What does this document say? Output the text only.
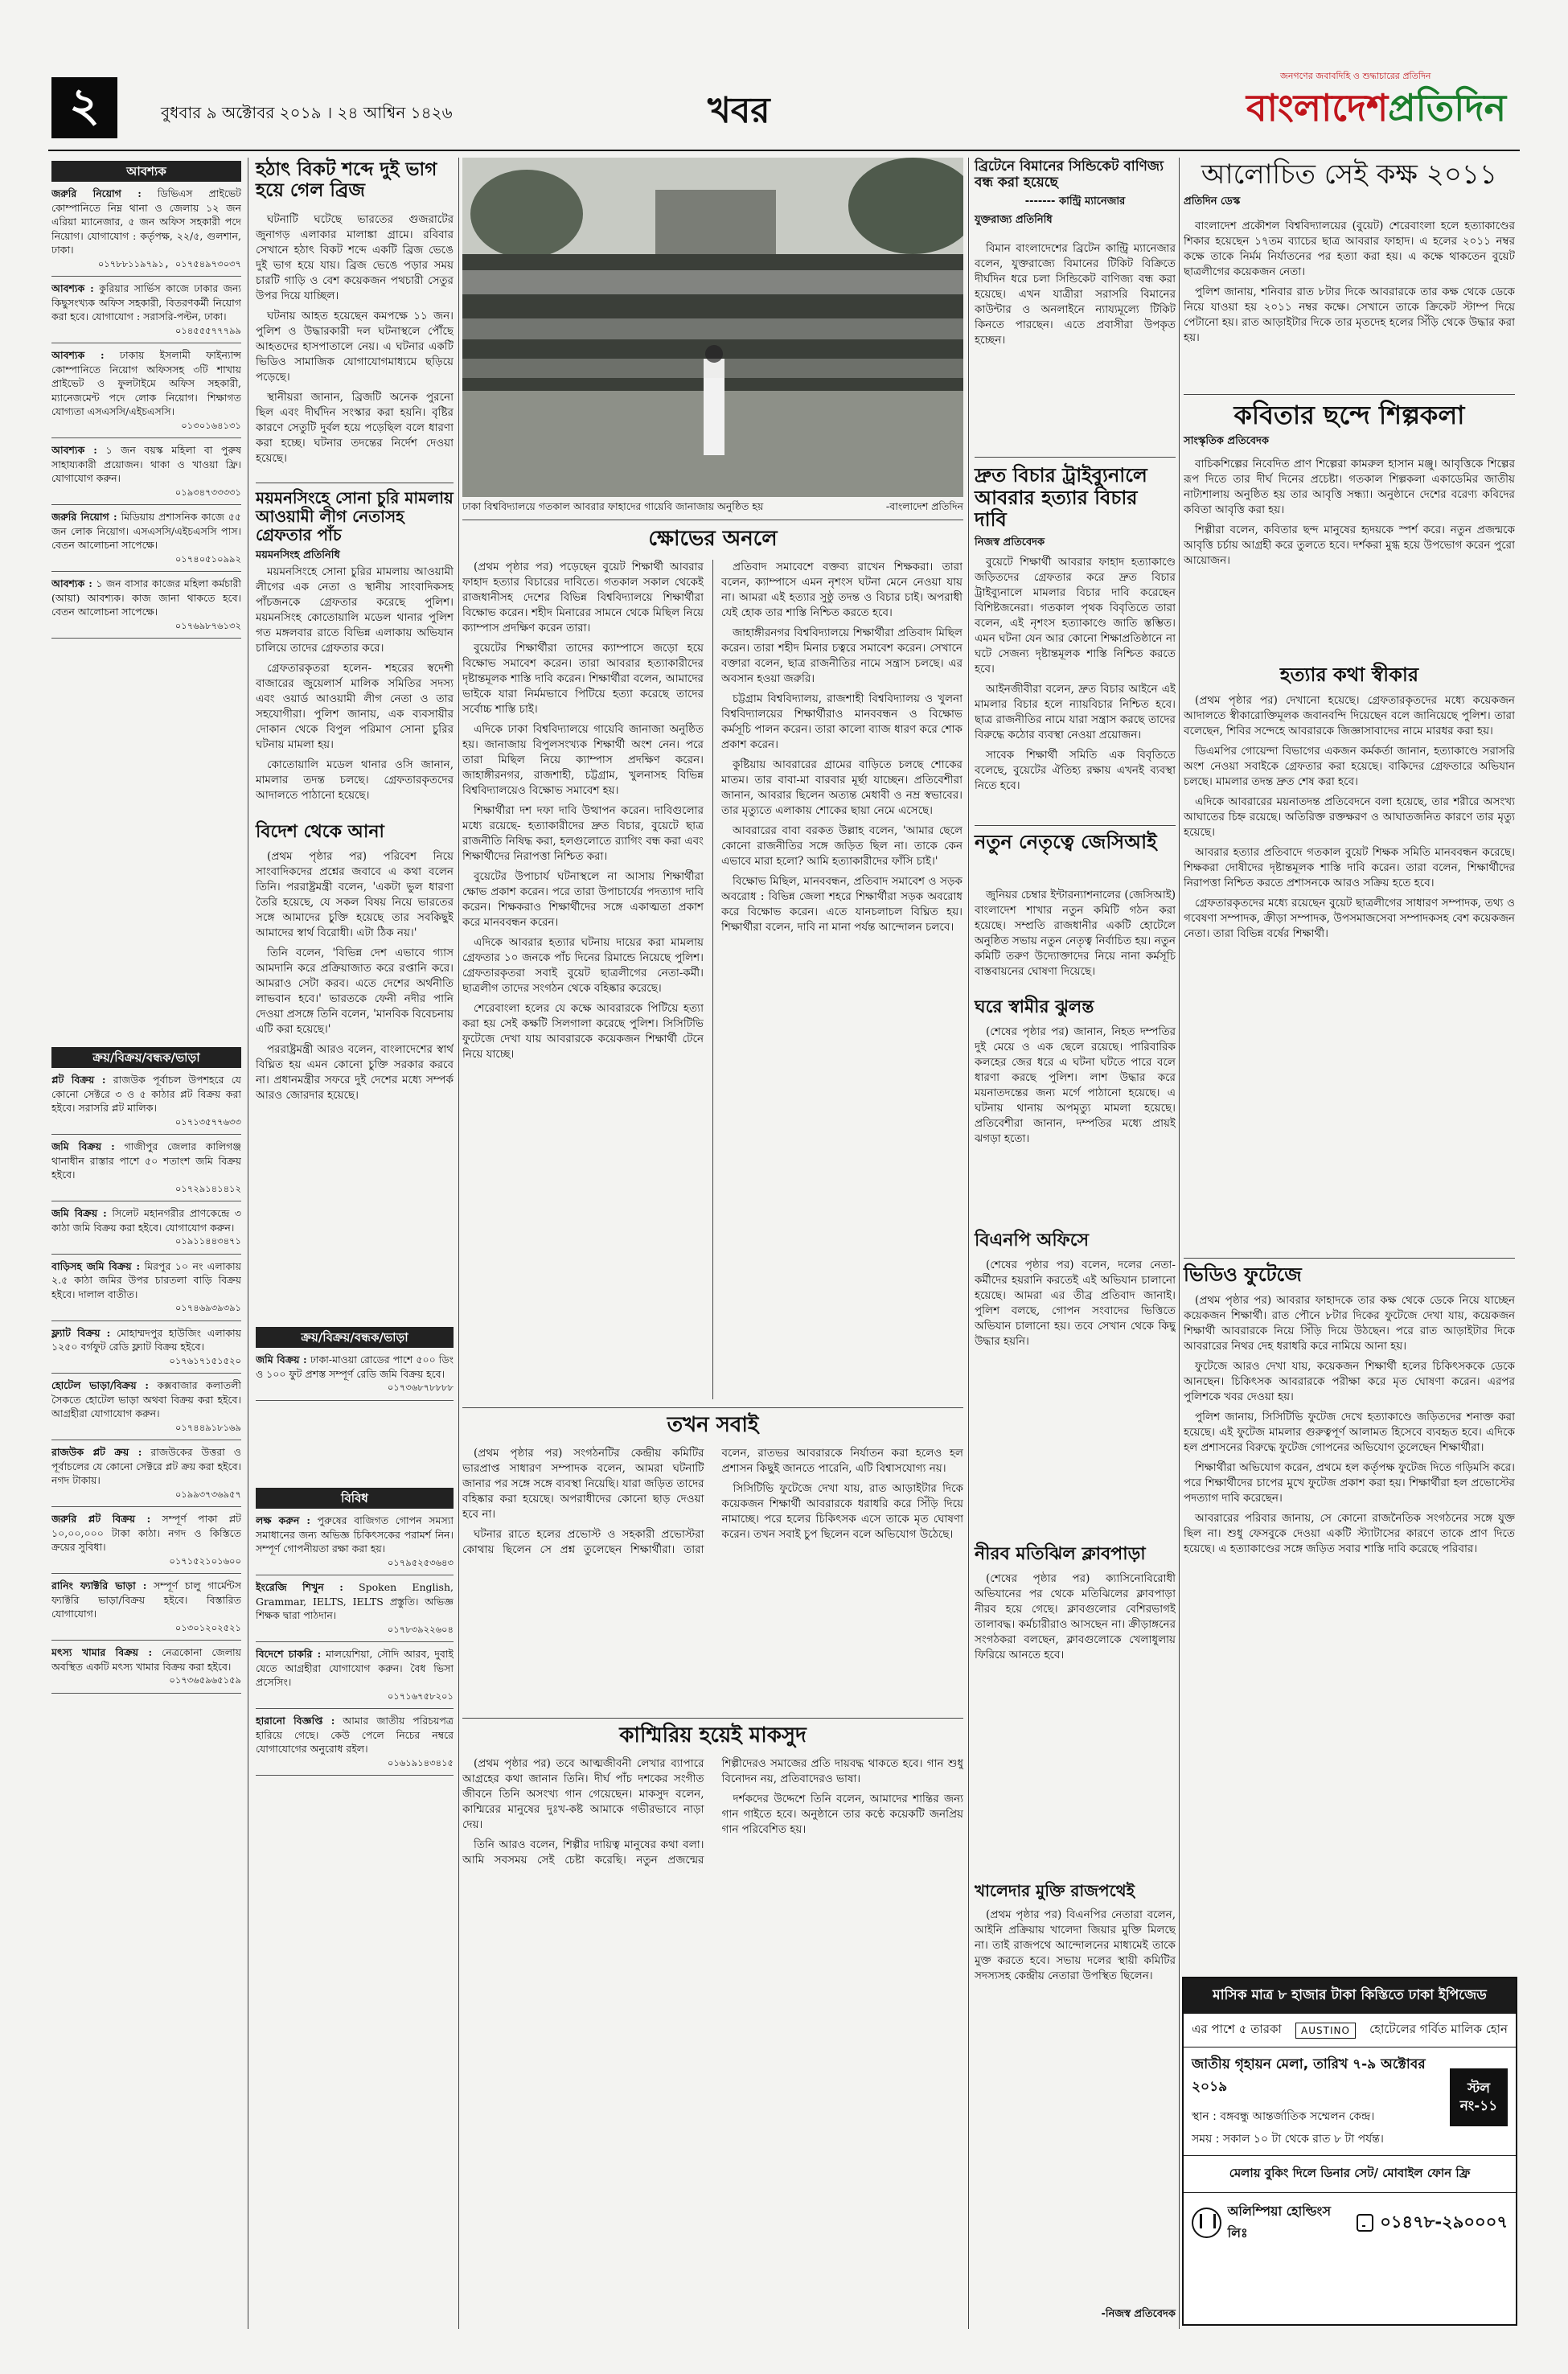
২	বুধবার ৯ অক্টোবর ২০১৯ । ২৪ আশ্বিন ১৪২৬	খবর
জনগণের জবাবদিহি ও শুদ্ধাচারের প্রতিদিন
বাংলাদেশপ্রতিদিন
আবশ্যক
জরুরি নিয়োগ : ডিভিএস প্রাইভেট কোম্পানিতে নিম্ন থানা ও জেলায় ১২ জন এরিয়া ম্যানেজার, ৫ জন অফিস সহকারী পদে নিয়োগ। যোগাযোগ : কর্তৃপক্ষ, ২২/৫, গুলশান, ঢাকা।
০১৭৮৮১১৯৭৯১, ০১৭৫৪৯৭৩০৩৭
আবশ্যক : কুরিয়ার সার্ভিস কাজে ঢাকার জন্য কিছুসংখ্যক অফিস সহকারী, বিতরণকর্মী নিয়োগ করা হবে। যোগাযোগ : সরাসরি-পল্টন, ঢাকা।
০১৪৫৫৫৭৭৭৯৯
আবশ্যক : ঢাকায় ইসলামী ফাইন্যান্স কোম্পানিতে নিয়োগ অফিসসহ ৩টি শাখায় প্রাইভেট ও ফুলটাইমে অফিস সহকারী, ম্যানেজমেন্ট পদে লোক নিয়োগ। শিক্ষাগত যোগ্যতা এসএসসি/এইচএসসি।
০১৩০১৬৪১৩১
আবশ্যক : ১ জন বয়স্ক মহিলা বা পুরুষ সাহায্যকারী প্রয়োজন। থাকা ও খাওয়া ফ্রি। যোগাযোগ করুন।
০১৯৩৪৭৩৩৩৩১
জরুরি নিয়োগ : মিডিয়ায় প্রশাসনিক কাজে ৫৫ জন লোক নিয়োগ। এসএসসি/এইচএসসি পাস। বেতন আলোচনা সাপেক্ষে।
০১৭৪০৫১০৯৯২
আবশ্যক : ১ জন বাসার কাজের মহিলা কর্মচারী (আয়া) আবশ্যক। কাজ জানা থাকতে হবে। বেতন আলোচনা সাপেক্ষে।
০১৭৬৯৮৭৬১৩২
ক্রয়/বিক্রয়/বন্ধক/ভাড়া
প্লট বিক্রয় : রাজউক পূর্বাচল উপশহরে যে কোনো সেক্টরে ৩ ও ৫ কাঠার প্লট বিক্রয় করা হইবে। সরাসরি প্লট মালিক।
০১৭১৩৫৭৭৬৩৩
জমি বিক্রয় : গাজীপুর জেলার কালিগঞ্জ থানাধীন রাস্তার পাশে ৫০ শতাংশ জমি বিক্রয় হইবে।
০১৭২৯১৪১৪১২
জমি বিক্রয় : সিলেট মহানগরীর প্রাণকেন্দ্রে ৩ কাঠা জমি বিক্রয় করা হইবে। যোগাযোগ করুন।
০১৯১১৪৪৩৪৭১
বাড়িসহ জমি বিক্রয় : মিরপুর ১০ নং এলাকায় ২.৫ কাঠা জমির উপর চারতলা বাড়ি বিক্রয় হইবে। দালাল বাতীত।
০১৭৪৬৯৩৯৩৯১
ফ্ল্যাট বিক্রয় : মোহাম্মদপুর হাউজিং এলাকায় ১২৫০ বর্গফুট রেডি ফ্ল্যাট বিক্রয় হইবে।
০১৭৬১৭১৫১৫২০
হোটেল ভাড়া/বিক্রয় : কক্সবাজার কলাতলী সৈকতে হোটেল ভাড়া অথবা বিক্রয় করা হইবে। আগ্রহীরা যোগাযোগ করুন।
০১৭৪৪৯১৮১৬৯
রাজউক প্লট ক্রয় : রাজউকের উত্তরা ও পূর্বাচলের যে কোনো সেক্টরে প্লট ক্রয় করা হইবে। নগদ টাকায়।
০১৯৯৩৭৩৬৯৫৭
জরুরি প্লট বিক্রয় : সম্পূর্ণ পাকা প্লট ১০,০০,০০০ টাকা কাঠা। নগদ ও কিস্তিতে ক্রয়ের সুবিধা।
০১৭১৫২১০১৬০০
রানিং ফ্যাক্টরি ভাড়া : সম্পূর্ণ চালু গার্মেন্টস ফ্যাক্টরি ভাড়া/বিক্রয় হইবে। বিস্তারিত যোগাযোগ।
০১৩০১২০২৫২১
মৎস্য খামার বিক্রয় : নেত্রকোনা জেলায় অবস্থিত একটি মৎস্য খামার বিক্রয় করা হইবে।
০১৭৩৬৫৯৬৫১৫৯
হঠাৎ বিকট শব্দে দুই ভাগ হয়ে গেল ব্রিজ

ঘটনাটি ঘটেছে ভারতের গুজরাটের জুনাগড় এলাকার মালাঙ্কা গ্রামে। রবিবার সেখানে হঠাৎ বিকট শব্দে একটি ব্রিজ ভেঙে দুই ভাগ হয়ে যায়। ব্রিজ ভেঙে পড়ার সময় চারটি গাড়ি ও বেশ কয়েকজন পথচারী সেতুর উপর দিয়ে যাচ্ছিল।

ঘটনায় আহত হয়েছেন কমপক্ষে ১১ জন। পুলিশ ও উদ্ধারকারী দল ঘটনাস্থলে পৌঁছে আহতদের হাসপাতালে নেয়। এ ঘটনার একটি ভিডিও সামাজিক যোগাযোগমাধ্যমে ছড়িয়ে পড়েছে।

স্থানীয়রা জানান, ব্রিজটি অনেক পুরনো ছিল এবং দীর্ঘদিন সংস্কার করা হয়নি। বৃষ্টির কারণে সেতুটি দুর্বল হয়ে পড়েছিল বলে ধারণা করা হচ্ছে। ঘটনার তদন্তের নির্দেশ দেওয়া হয়েছে।

ময়মনসিংহে সোনা চুরি মামলায় আওয়ামী লীগ নেতাসহ গ্রেফতার পাঁচ
ময়মনসিংহ প্রতিনিধি

ময়মনসিংহে সোনা চুরির মামলায় আওয়ামী লীগের এক নেতা ও স্থানীয় সাংবাদিকসহ পাঁচজনকে গ্রেফতার করেছে পুলিশ। ময়মনসিংহ কোতোয়ালি মডেল থানার পুলিশ গত মঙ্গলবার রাতে বিভিন্ন এলাকায় অভিযান চালিয়ে তাদের গ্রেফতার করে।

গ্রেফতারকৃতরা হলেন- শহরের স্বদেশী বাজারের জুয়েলার্স মালিক সমিতির সদস্য এবং ওয়ার্ড আওয়ামী লীগ নেতা ও তার সহযোগীরা। পুলিশ জানায়, এক ব্যবসায়ীর দোকান থেকে বিপুল পরিমাণ সোনা চুরির ঘটনায় মামলা হয়।

কোতোয়ালি মডেল থানার ওসি জানান, মামলার তদন্ত চলছে। গ্রেফতারকৃতদের আদালতে পাঠানো হয়েছে।

বিদেশ থেকে আনা

(প্রথম পৃষ্ঠার পর) পরিবেশ নিয়ে সাংবাদিকদের প্রশ্নের জবাবে এ কথা বলেন তিনি। পররাষ্ট্রমন্ত্রী বলেন, 'একটা ভুল ধারণা তৈরি হয়েছে, যে সকল বিষয় নিয়ে ভারতের সঙ্গে আমাদের চুক্তি হয়েছে তার সবকিছুই আমাদের স্বার্থ বিরোধী। এটা ঠিক নয়।'

তিনি বলেন, 'বিভিন্ন দেশ এভাবে গ্যাস আমদানি করে প্রক্রিয়াজাত করে রপ্তানি করে। আমরাও সেটা করব। এতে দেশের অর্থনীতি লাভবান হবে।' ভারতকে ফেনী নদীর পানি দেওয়া প্রসঙ্গে তিনি বলেন, 'মানবিক বিবেচনায় এটি করা হয়েছে।'

পররাষ্ট্রমন্ত্রী আরও বলেন, বাংলাদেশের স্বার্থ বিঘ্নিত হয় এমন কোনো চুক্তি সরকার করবে না। প্রধানমন্ত্রীর সফরে দুই দেশের মধ্যে সম্পর্ক আরও জোরদার হয়েছে।

ক্রয়/বিক্রয়/বন্ধক/ভাড়া
জমি বিক্রয় : ঢাকা-মাওয়া রোডের পাশে ৫০০ ডিং ও ১০০ ফুট প্রশস্ত সম্পূর্ণ রেডি জমি বিক্রয় হবে।
০১৭৩৬৮৭৮৮৮৮
বিবিধ
লক্ষ করুন : পুরুষের বাজিগত গোপন সমস্যা সমাধানের জন্য অভিজ্ঞ চিকিৎসকের পরামর্শ নিন। সম্পূর্ণ গোপনীয়তা রক্ষা করা হয়।
০১৭৯৫২৫৩৬৪৩
ইংরেজি শিখুন : Spoken English, Grammar, IELTS, IELTS প্রস্তুতি। অভিজ্ঞ শিক্ষক দ্বারা পাঠদান।
০১৭৮৩৯২২৬০৪
বিদেশে চাকরি : মালয়েশিয়া, সৌদি আরব, দুবাই যেতে আগ্রহীরা যোগাযোগ করুন। বৈধ ভিসা প্রসেসিং।
০১৭১৬৭৫৮২০১
হারানো বিজ্ঞপ্তি : আমার জাতীয় পরিচয়পত্র হারিয়ে গেছে। কেউ পেলে নিচের নম্বরে যোগাযোগের অনুরোধ রইল।
০১৬১৯১৪৩৪১৫
ঢাকা বিশ্ববিদ্যালয়ে গতকাল আবরার ফাহাদের গায়েবি জানাজায় অনুষ্ঠিত হয়	-বাংলাদেশ প্রতিদিন
ক্ষোভের অনলে

(প্রথম পৃষ্ঠার পর) পড়েছেন বুয়েট শিক্ষার্থী আবরার ফাহাদ হত্যার বিচারের দাবিতে। গতকাল সকাল থেকেই রাজধানীসহ দেশের বিভিন্ন বিশ্ববিদ্যালয়ে শিক্ষার্থীরা বিক্ষোভ করেন। শহীদ মিনারের সামনে থেকে মিছিল নিয়ে ক্যাম্পাস প্রদক্ষিণ করেন তারা।

বুয়েটের শিক্ষার্থীরা তাদের ক্যাম্পাসে জড়ো হয়ে বিক্ষোভ সমাবেশ করেন। তারা আবরার হত্যাকারীদের দৃষ্টান্তমূলক শাস্তি দাবি করেন। শিক্ষার্থীরা বলেন, আমাদের ভাইকে যারা নির্মমভাবে পিটিয়ে হত্যা করেছে তাদের সর্বোচ্চ শাস্তি চাই।

এদিকে ঢাকা বিশ্ববিদ্যালয়ে গায়েবি জানাজা অনুষ্ঠিত হয়। জানাজায় বিপুলসংখ্যক শিক্ষার্থী অংশ নেন। পরে তারা মিছিল নিয়ে ক্যাম্পাস প্রদক্ষিণ করেন। জাহাঙ্গীরনগর, রাজশাহী, চট্টগ্রাম, খুলনাসহ বিভিন্ন বিশ্ববিদ্যালয়েও বিক্ষোভ সমাবেশ হয়।

শিক্ষার্থীরা দশ দফা দাবি উত্থাপন করেন। দাবিগুলোর মধ্যে রয়েছে- হত্যাকারীদের দ্রুত বিচার, বুয়েটে ছাত্র রাজনীতি নিষিদ্ধ করা, হলগুলোতে র‍্যাগিং বন্ধ করা এবং শিক্ষার্থীদের নিরাপত্তা নিশ্চিত করা।

বুয়েটের উপাচার্য ঘটনাস্থলে না আসায় শিক্ষার্থীরা ক্ষোভ প্রকাশ করেন। পরে তারা উপাচার্যের পদত্যাগ দাবি করেন। শিক্ষকরাও শিক্ষার্থীদের সঙ্গে একাত্মতা প্রকাশ করে মানববন্ধন করেন।

এদিকে আবরার হত্যার ঘটনায় দায়ের করা মামলায় গ্রেফতার ১০ জনকে পাঁচ দিনের রিমান্ডে নিয়েছে পুলিশ। গ্রেফতারকৃতরা সবাই বুয়েট ছাত্রলীগের নেতা-কর্মী। ছাত্রলীগ তাদের সংগঠন থেকে বহিষ্কার করেছে।

শেরেবাংলা হলের যে কক্ষে আবরারকে পিটিয়ে হত্যা করা হয় সেই কক্ষটি সিলগালা করেছে পুলিশ। সিসিটিভি ফুটেজে দেখা যায় আবরারকে কয়েকজন শিক্ষার্থী টেনে নিয়ে যাচ্ছে।

প্রতিবাদ সমাবেশে বক্তব্য রাখেন শিক্ষকরা। তারা বলেন, ক্যাম্পাসে এমন নৃশংস ঘটনা মেনে নেওয়া যায় না। আমরা এই হত্যার সুষ্ঠু তদন্ত ও বিচার চাই। অপরাধী যেই হোক তার শাস্তি নিশ্চিত করতে হবে।

জাহাঙ্গীরনগর বিশ্ববিদ্যালয়ে শিক্ষার্থীরা প্রতিবাদ মিছিল করেন। তারা শহীদ মিনার চত্বরে সমাবেশ করেন। সেখানে বক্তারা বলেন, ছাত্র রাজনীতির নামে সন্ত্রাস চলছে। এর অবসান হওয়া জরুরি।

চট্টগ্রাম বিশ্ববিদ্যালয়, রাজশাহী বিশ্ববিদ্যালয় ও খুলনা বিশ্ববিদ্যালয়ের শিক্ষার্থীরাও মানববন্ধন ও বিক্ষোভ কর্মসূচি পালন করেন। তারা কালো ব্যাজ ধারণ করে শোক প্রকাশ করেন।

কুষ্টিয়ায় আবরারের গ্রামের বাড়িতে চলছে শোকের মাতম। তার বাবা-মা বারবার মূর্ছা যাচ্ছেন। প্রতিবেশীরা জানান, আবরার ছিলেন অত্যন্ত মেধাবী ও নম্র স্বভাবের। তার মৃত্যুতে এলাকায় শোকের ছায়া নেমে এসেছে।

আবরারের বাবা বরকত উল্লাহ বলেন, 'আমার ছেলে কোনো রাজনীতির সঙ্গে জড়িত ছিল না। তাকে কেন এভাবে মারা হলো? আমি হত্যাকারীদের ফাঁসি চাই।'

বিক্ষোভ মিছিল, মানববন্ধন, প্রতিবাদ সমাবেশ ও সড়ক অবরোধ : বিভিন্ন জেলা শহরে শিক্ষার্থীরা সড়ক অবরোধ করে বিক্ষোভ করেন। এতে যানচলাচল বিঘ্নিত হয়। শিক্ষার্থীরা বলেন, দাবি না মানা পর্যন্ত আন্দোলন চলবে।

তখন সবাই

(প্রথম পৃষ্ঠার পর) সংগঠনটির কেন্দ্রীয় কমিটির ভারপ্রাপ্ত সাধারণ সম্পাদক বলেন, আমরা ঘটনাটি জানার পর সঙ্গে সঙ্গে ব্যবস্থা নিয়েছি। যারা জড়িত তাদের বহিষ্কার করা হয়েছে। অপরাধীদের কোনো ছাড় দেওয়া হবে না।

ঘটনার রাতে হলের প্রভোস্ট ও সহকারী প্রভোস্টরা কোথায় ছিলেন সে প্রশ্ন তুলেছেন শিক্ষার্থীরা। তারা বলেন, রাতভর আবরারকে নির্যাতন করা হলেও হল প্রশাসন কিছুই জানতে পারেনি, এটি বিশ্বাসযোগ্য নয়।

সিসিটিভি ফুটেজে দেখা যায়, রাত আড়াইটার দিকে কয়েকজন শিক্ষার্থী আবরারকে ধরাধরি করে সিঁড়ি দিয়ে নামাচ্ছে। পরে হলের চিকিৎসক এসে তাকে মৃত ঘোষণা করেন। তখন সবাই চুপ ছিলেন বলে অভিযোগ উঠেছে।

কাশ্মিরিয় হয়েই মাকসুদ

(প্রথম পৃষ্ঠার পর) তবে আত্মজীবনী লেখার ব্যাপারে আগ্রহের কথা জানান তিনি। দীর্ঘ পাঁচ দশকের সংগীত জীবনে তিনি অসংখ্য গান গেয়েছেন। মাকসুদ বলেন, কাশ্মিরের মানুষের দুঃখ-কষ্ট আমাকে গভীরভাবে নাড়া দেয়।

তিনি আরও বলেন, শিল্পীর দায়িত্ব মানুষের কথা বলা। আমি সবসময় সেই চেষ্টা করেছি। নতুন প্রজন্মের শিল্পীদেরও সমাজের প্রতি দায়বদ্ধ থাকতে হবে। গান শুধু বিনোদন নয়, প্রতিবাদেরও ভাষা।

দর্শকদের উদ্দেশে তিনি বলেন, আমাদের শান্তির জন্য গান গাইতে হবে। অনুষ্ঠানে তার কণ্ঠে কয়েকটি জনপ্রিয় গান পরিবেশিত হয়।

ব্রিটেনে বিমানের সিন্ডিকেট বাণিজ্য বন্ধ করা হয়েছে
------- কান্ট্রি ম্যানেজার
যুক্তরাজ্য প্রতিনিধি

বিমান বাংলাদেশের ব্রিটেন কান্ট্রি ম্যানেজার বলেন, যুক্তরাজ্যে বিমানের টিকিট বিক্রিতে দীর্ঘদিন ধরে চলা সিন্ডিকেট বাণিজ্য বন্ধ করা হয়েছে। এখন যাত্রীরা সরাসরি বিমানের কাউন্টার ও অনলাইনে ন্যায্যমূল্যে টিকিট কিনতে পারছেন। এতে প্রবাসীরা উপকৃত হচ্ছেন।

দ্রুত বিচার ট্রাইব্যুনালে আবরার হত্যার বিচার দাবি
নিজস্ব প্রতিবেদক

বুয়েটে শিক্ষার্থী আবরার ফাহাদ হত্যাকাণ্ডে জড়িতদের গ্রেফতার করে দ্রুত বিচার ট্রাইব্যুনালে মামলার বিচার দাবি করেছেন বিশিষ্টজনেরা। গতকাল পৃথক বিবৃতিতে তারা বলেন, এই নৃশংস হত্যাকাণ্ডে জাতি স্তম্ভিত। এমন ঘটনা যেন আর কোনো শিক্ষাপ্রতিষ্ঠানে না ঘটে সেজন্য দৃষ্টান্তমূলক শাস্তি নিশ্চিত করতে হবে।

আইনজীবীরা বলেন, দ্রুত বিচার আইনে এই মামলার বিচার হলে ন্যায়বিচার নিশ্চিত হবে। ছাত্র রাজনীতির নামে যারা সন্ত্রাস করছে তাদের বিরুদ্ধে কঠোর ব্যবস্থা নেওয়া প্রয়োজন।

সাবেক শিক্ষার্থী সমিতি এক বিবৃতিতে বলেছে, বুয়েটের ঐতিহ্য রক্ষায় এখনই ব্যবস্থা নিতে হবে।

নতুন নেতৃত্বে জেসিআই

জুনিয়র চেম্বার ইন্টারন্যাশনালের (জেসিআই) বাংলাদেশ শাখার নতুন কমিটি গঠন করা হয়েছে। সম্প্রতি রাজধানীর একটি হোটেলে অনুষ্ঠিত সভায় নতুন নেতৃত্ব নির্বাচিত হয়। নতুন কমিটি তরুণ উদ্যোক্তাদের নিয়ে নানা কর্মসূচি বাস্তবায়নের ঘোষণা দিয়েছে।

ঘরে স্বামীর ঝুলন্ত

(শেষের পৃষ্ঠার পর) জানান, নিহত দম্পতির দুই মেয়ে ও এক ছেলে রয়েছে। পারিবারিক কলহের জের ধরে এ ঘটনা ঘটতে পারে বলে ধারণা করছে পুলিশ। লাশ উদ্ধার করে ময়নাতদন্তের জন্য মর্গে পাঠানো হয়েছে। এ ঘটনায় থানায় অপমৃত্যু মামলা হয়েছে। প্রতিবেশীরা জানান, দম্পতির মধ্যে প্রায়ই ঝগড়া হতো।

বিএনপি অফিসে

(শেষের পৃষ্ঠার পর) বলেন, দলের নেতা-কর্মীদের হয়রানি করতেই এই অভিযান চালানো হয়েছে। আমরা এর তীব্র প্রতিবাদ জানাই। পুলিশ বলছে, গোপন সংবাদের ভিত্তিতে অভিযান চালানো হয়। তবে সেখান থেকে কিছু উদ্ধার হয়নি।

নীরব মতিঝিল ক্লাবপাড়া

(শেষের পৃষ্ঠার পর) ক্যাসিনোবিরোধী অভিযানের পর থেকে মতিঝিলের ক্লাবপাড়া নীরব হয়ে গেছে। ক্লাবগুলোর বেশিরভাগই তালাবদ্ধ। কর্মচারীরাও আসছেন না। ক্রীড়াঙ্গনের সংগঠকরা বলছেন, ক্লাবগুলোকে খেলাধুলায় ফিরিয়ে আনতে হবে।

খালেদার মুক্তি রাজপথেই

(প্রথম পৃষ্ঠার পর) বিএনপির নেতারা বলেন, আইনি প্রক্রিয়ায় খালেদা জিয়ার মুক্তি মিলছে না। তাই রাজপথে আন্দোলনের মাধ্যমেই তাকে মুক্ত করতে হবে। সভায় দলের স্থায়ী কমিটির সদস্যসহ কেন্দ্রীয় নেতারা উপস্থিত ছিলেন।

-নিজস্ব প্রতিবেদক
আলোচিত সেই কক্ষ ২০১১
প্রতিদিন ডেস্ক

বাংলাদেশ প্রকৌশল বিশ্ববিদ্যালয়ের (বুয়েট) শেরেবাংলা হলে হত্যাকাণ্ডের শিকার হয়েছেন ১৭তম ব্যাচের ছাত্র আবরার ফাহাদ। এ হলের ২০১১ নম্বর কক্ষে তাকে নির্মম নির্যাতনের পর হত্যা করা হয়। এ কক্ষে থাকতেন বুয়েট ছাত্রলীগের কয়েকজন নেতা।

পুলিশ জানায়, শনিবার রাত ৮টার দিকে আবরারকে তার কক্ষ থেকে ডেকে নিয়ে যাওয়া হয় ২০১১ নম্বর কক্ষে। সেখানে তাকে ক্রিকেট স্টাম্প দিয়ে পেটানো হয়। রাত আড়াইটার দিকে তার মৃতদেহ হলের সিঁড়ি থেকে উদ্ধার করা হয়।

কবিতার ছন্দে শিল্পকলা
সাংস্কৃতিক প্রতিবেদক

বাচিকশিল্পের নিবেদিত প্রাণ শিল্পেরা কামরুল হাসান মঞ্জু। আবৃত্তিকে শিল্পের রূপ দিতে তার দীর্ঘ দিনের প্রচেষ্টা। গতকাল শিল্পকলা একাডেমির জাতীয় নাট্যশালায় অনুষ্ঠিত হয় তার আবৃত্তি সন্ধ্যা। অনুষ্ঠানে দেশের বরেণ্য কবিদের কবিতা আবৃত্তি করা হয়।

শিল্পীরা বলেন, কবিতার ছন্দ মানুষের হৃদয়কে স্পর্শ করে। নতুন প্রজন্মকে আবৃত্তি চর্চায় আগ্রহী করে তুলতে হবে। দর্শকরা মুগ্ধ হয়ে উপভোগ করেন পুরো আয়োজন।

হত্যার কথা স্বীকার

(প্রথম পৃষ্ঠার পর) দেখানো হয়েছে। গ্রেফতারকৃতদের মধ্যে কয়েকজন আদালতে স্বীকারোক্তিমূলক জবানবন্দি দিয়েছেন বলে জানিয়েছে পুলিশ। তারা বলেছেন, শিবির সন্দেহে আবরারকে জিজ্ঞাসাবাদের নামে মারধর করা হয়।

ডিএমপির গোয়েন্দা বিভাগের একজন কর্মকর্তা জানান, হত্যাকাণ্ডে সরাসরি অংশ নেওয়া সবাইকে গ্রেফতার করা হয়েছে। বাকিদের গ্রেফতারে অভিযান চলছে। মামলার তদন্ত দ্রুত শেষ করা হবে।

এদিকে আবরারের ময়নাতদন্ত প্রতিবেদনে বলা হয়েছে, তার শরীরে অসংখ্য আঘাতের চিহ্ন রয়েছে। অতিরিক্ত রক্তক্ষরণ ও আঘাতজনিত কারণে তার মৃত্যু হয়েছে।

আবরার হত্যার প্রতিবাদে গতকাল বুয়েট শিক্ষক সমিতি মানববন্ধন করেছে। শিক্ষকরা দোষীদের দৃষ্টান্তমূলক শাস্তি দাবি করেন। তারা বলেন, শিক্ষার্থীদের নিরাপত্তা নিশ্চিত করতে প্রশাসনকে আরও সক্রিয় হতে হবে।

গ্রেফতারকৃতদের মধ্যে রয়েছেন বুয়েট ছাত্রলীগের সাধারণ সম্পাদক, তথ্য ও গবেষণা সম্পাদক, ক্রীড়া সম্পাদক, উপসমাজসেবা সম্পাদকসহ বেশ কয়েকজন নেতা। তারা বিভিন্ন বর্ষের শিক্ষার্থী।

ভিডিও ফুটেজে

(প্রথম পৃষ্ঠার পর) আবরার ফাহাদকে তার কক্ষ থেকে ডেকে নিয়ে যাচ্ছেন কয়েকজন শিক্ষার্থী। রাত পৌনে ৮টার দিকের ফুটেজে দেখা যায়, কয়েকজন শিক্ষার্থী আবরারকে নিয়ে সিঁড়ি দিয়ে উঠছেন। পরে রাত আড়াইটার দিকে আবরারের নিথর দেহ ধরাধরি করে নামিয়ে আনা হয়।

ফুটেজে আরও দেখা যায়, কয়েকজন শিক্ষার্থী হলের চিকিৎসককে ডেকে আনছেন। চিকিৎসক আবরারকে পরীক্ষা করে মৃত ঘোষণা করেন। এরপর পুলিশকে খবর দেওয়া হয়।

পুলিশ জানায়, সিসিটিভি ফুটেজ দেখে হত্যাকাণ্ডে জড়িতদের শনাক্ত করা হয়েছে। এই ফুটেজ মামলার গুরুত্বপূর্ণ আলামত হিসেবে ব্যবহৃত হবে। এদিকে হল প্রশাসনের বিরুদ্ধে ফুটেজ গোপনের অভিযোগ তুলেছেন শিক্ষার্থীরা।

শিক্ষার্থীরা অভিযোগ করেন, প্রথমে হল কর্তৃপক্ষ ফুটেজ দিতে গড়িমসি করে। পরে শিক্ষার্থীদের চাপের মুখে ফুটেজ প্রকাশ করা হয়। শিক্ষার্থীরা হল প্রভোস্টের পদত্যাগ দাবি করেছেন।

আবরারের পরিবার জানায়, সে কোনো রাজনৈতিক সংগঠনের সঙ্গে যুক্ত ছিল না। শুধু ফেসবুকে দেওয়া একটি স্ট্যাটাসের কারণে তাকে প্রাণ দিতে হয়েছে। এ হত্যাকাণ্ডের সঙ্গে জড়িত সবার শাস্তি দাবি করেছে পরিবার।

মাসিক মাত্র ৮ হাজার টাকা কিস্তিতে ঢাকা ইপিজেড
এর পাশে ৫ তারকা	AUSTINO	হোটেলের গর্বিত মালিক হোন
জাতীয় গৃহায়ন মেলা, তারিখ ৭-৯ অক্টোবর ২০১৯
স্থান : বঙ্গবন্ধু আন্তর্জাতিক সম্মেলন কেন্দ্র।
সময় : সকাল ১০ টা থেকে রাত ৮ টা পর্যন্ত।
স্টল নং-১১
মেলায় বুকিং দিলে ডিনার সেট/ মোবাইল ফোন ফ্রি
অলিম্পিয়া হোল্ডিংস লিঃ
০১৪৭৮-২৯০০০৭
